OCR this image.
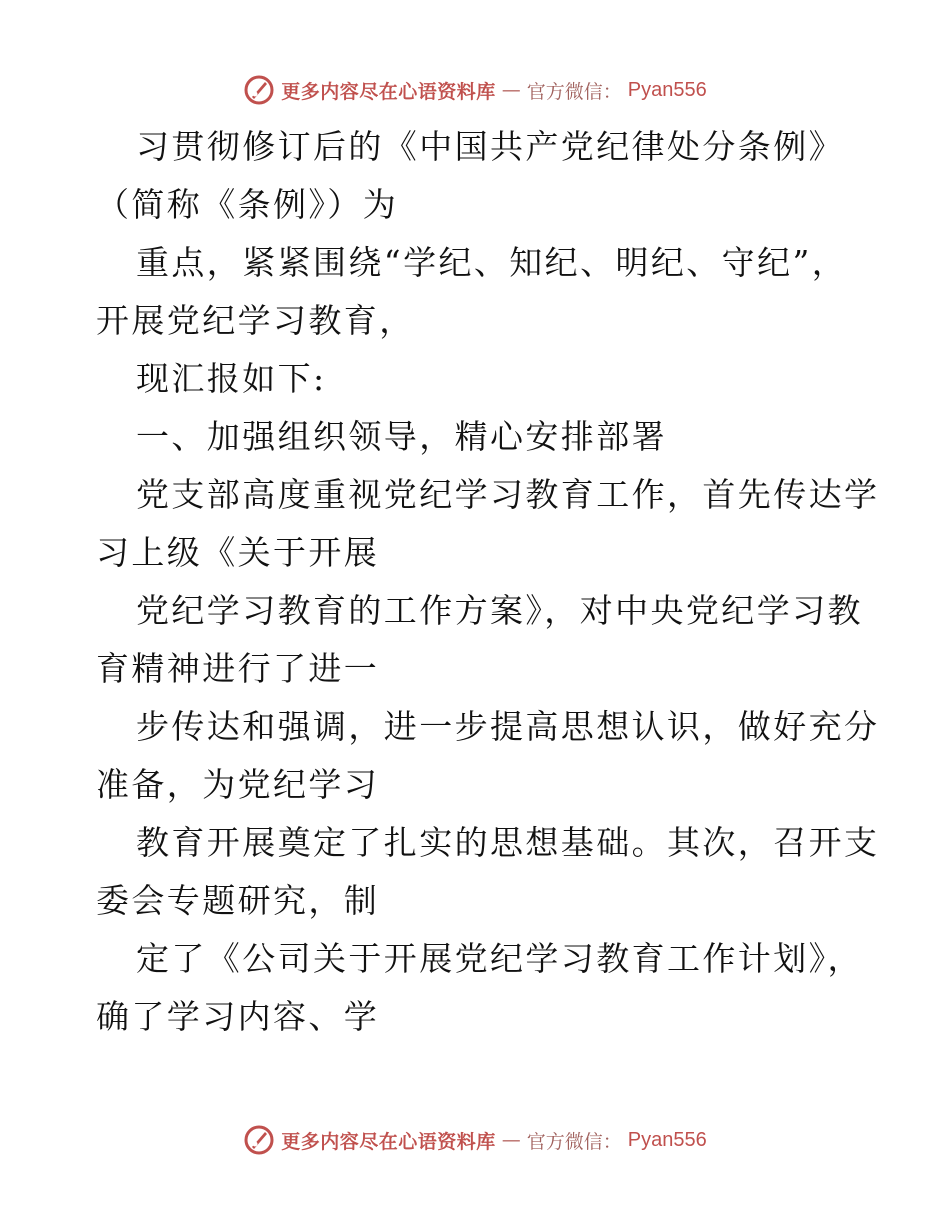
更多内容尽在心语资料库 — 官方微信： Pyan556
习贯彻修订后的《中国共产党纪律处分条例》
（简称《条例》）为
重点，紧紧围绕“学纪、知纪、明纪、守纪”，
开展党纪学习教育，
现汇报如下:
一、加强组织领导，精心安排部署
党支部高度重视党纪学习教育工作，首先传达学
习上级《关于开展
党纪学习教育的工作方案》，对中央党纪学习教
育精神进行了进一
步传达和强调，进一步提高思想认识，做好充分
准备，为党纪学习
教育开展奠定了扎实的思想基础。其次，召开支
委会专题研究，制
定了《公司关于开展党纪学习教育工作计划》，
确了学习内容、学
更多内容尽在心语资料库 — 官方微信： Pyan556
